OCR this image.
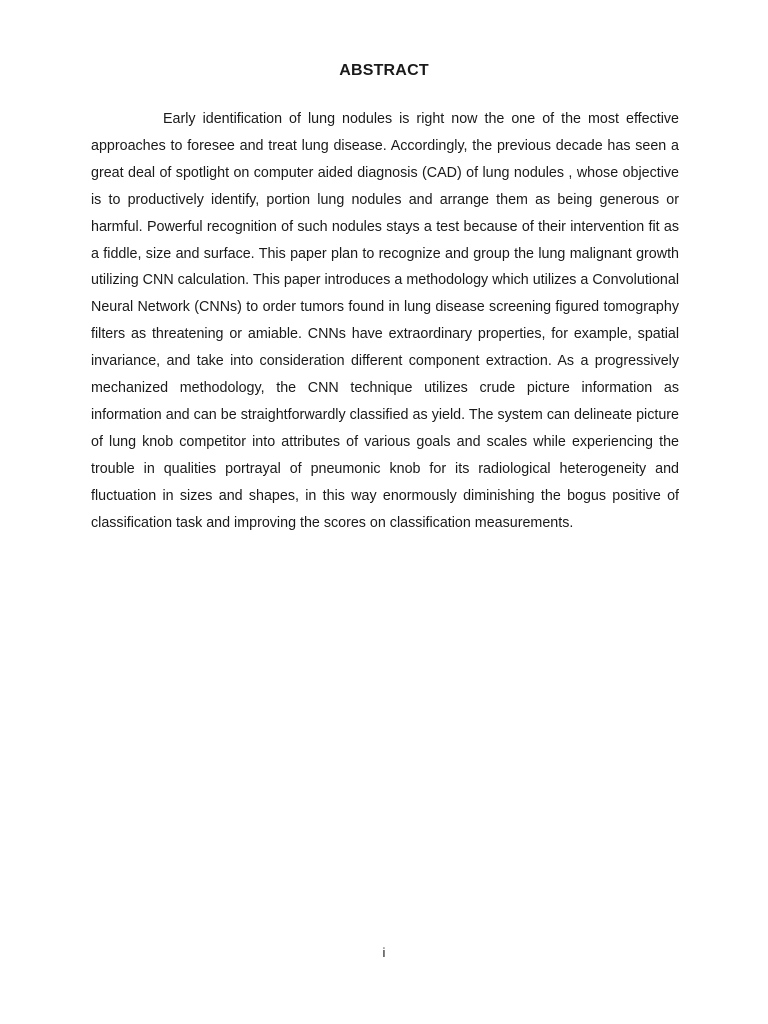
ABSTRACT

Early identification of lung nodules is right now the one of the most effective approaches to foresee and treat lung disease. Accordingly, the previous decade has seen a great deal of spotlight on computer aided diagnosis (CAD) of lung nodules , whose objective is to productively identify, portion lung nodules and arrange them as being generous or harmful. Powerful recognition of such nodules stays a test because of their intervention fit as a fiddle, size and surface. This paper plan to recognize and group the lung malignant growth utilizing CNN calculation. This paper introduces a methodology which utilizes a Convolutional Neural Network (CNNs) to order tumors found in lung disease screening figured tomography filters as threatening or amiable. CNNs have extraordinary properties, for example, spatial invariance, and take into consideration different component extraction. As a progressively mechanized methodology, the CNN technique utilizes crude picture information as information and can be straightforwardly classified as yield. The system can delineate picture of lung knob competitor into attributes of various goals and scales while experiencing the trouble in qualities portrayal of pneumonic knob for its radiological heterogeneity and fluctuation in sizes and shapes, in this way enormously diminishing the bogus positive of classification task and improving the scores on classification measurements.

i
